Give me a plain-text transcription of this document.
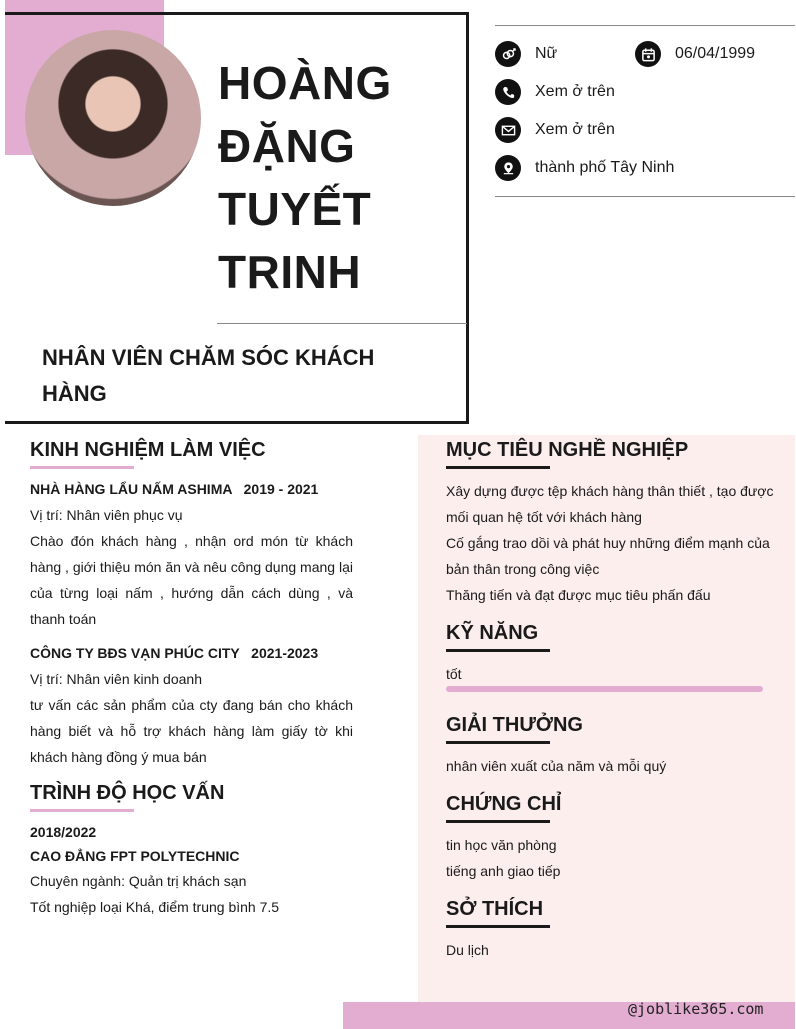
HOÀNG
ĐẶNG
TUYẾT
TRINH
NHÂN VIÊN CHĂM SÓC KHÁCH HÀNG
Nữ	06/04/1999
Xem ở trên
Xem ở trên
thành phố Tây Ninh
KINH NGHIỆM LÀM VIỆC
NHÀ HÀNG LẨU NẤM ASHIMA   2019 - 2021
Vị trí: Nhân viên phục vụ
Chào đón khách hàng , nhận ord món từ khách hàng , giới thiệu món ăn và nêu công dụng mang lại của từng loại nấm , hướng dẫn cách dùng , và thanh toán
CÔNG TY BĐS VẠN PHÚC CITY   2021-2023
Vị trí: Nhân viên kinh doanh
tư vấn các sản phẩm của cty đang bán cho khách hàng biết và hỗ trợ khách hàng làm giấy tờ khi khách hàng đồng ý mua bán
TRÌNH ĐỘ HỌC VẤN
2018/2022
CAO ĐẲNG FPT POLYTECHNIC
Chuyên ngành: Quản trị khách sạn
Tốt nghiệp loại Khá, điểm trung bình 7.5
MỤC TIÊU NGHỀ NGHIỆP
Xây dựng được tệp khách hàng thân thiết , tạo được mối quan hệ tốt với khách hàng
Cố gắng trao dồi và phát huy những điểm mạnh của bản thân trong công việc
Thăng tiến và đạt được mục tiêu phấn đấu
KỸ NĂNG
tốt
GIẢI THƯỞNG
nhân viên xuất của năm và mỗi quý
CHỨNG CHỈ
tin học văn phòng
tiếng anh giao tiếp
SỞ THÍCH
Du lịch
@joblike365.com
